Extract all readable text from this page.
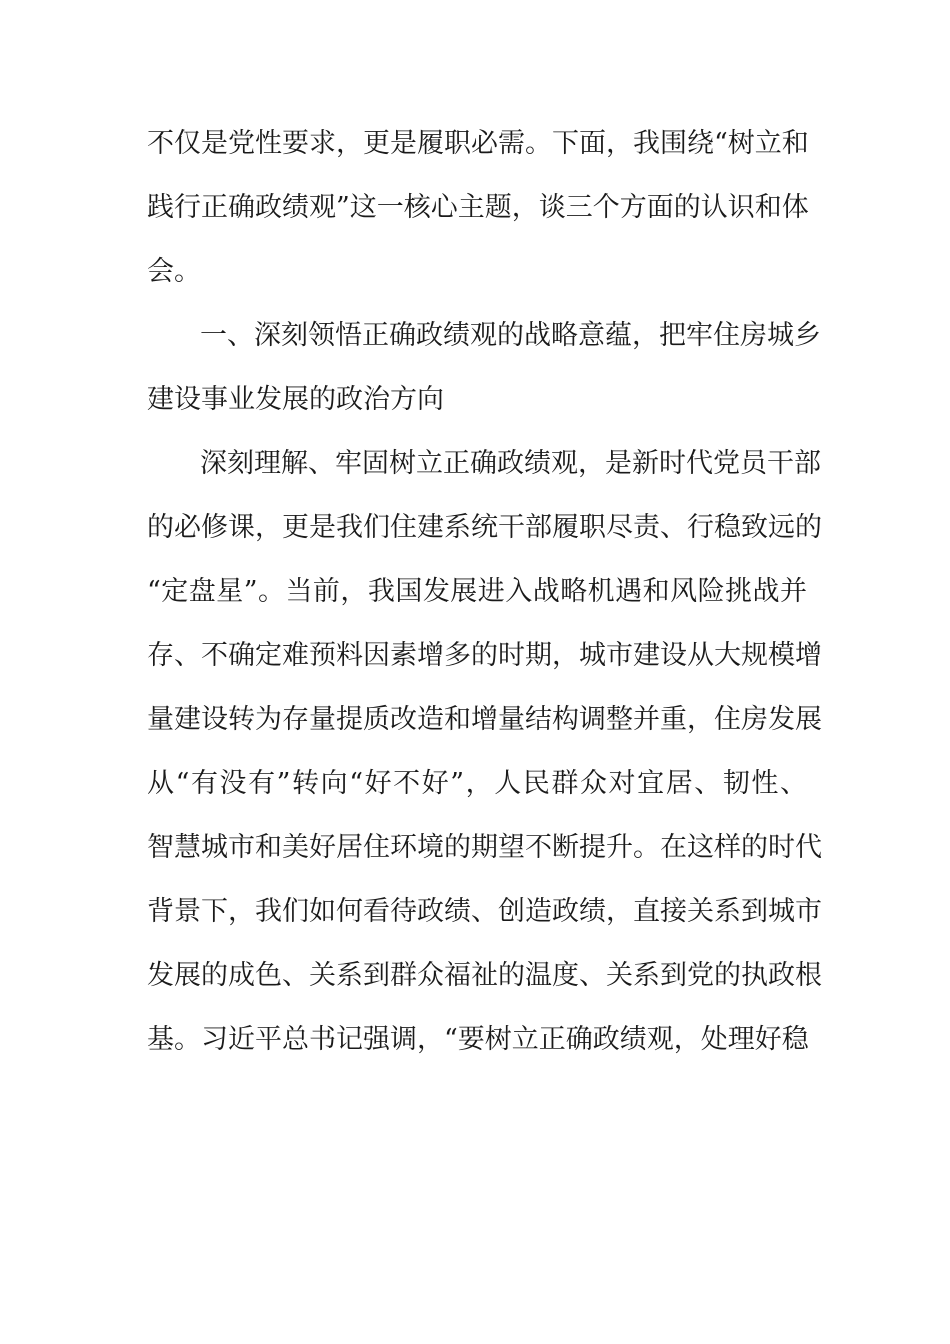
不仅是党性要求，更是履职必需。下面，我围绕“树立和
践行正确政绩观”这一核心主题，谈三个方面的认识和体
会。
一、深刻领悟正确政绩观的战略意蕴，把牢住房城乡
建设事业发展的政治方向
深刻理解、牢固树立正确政绩观，是新时代党员干部
的必修课，更是我们住建系统干部履职尽责、行稳致远的
“定盘星”。当前，我国发展进入战略机遇和风险挑战并
存、不确定难预料因素增多的时期，城市建设从大规模增
量建设转为存量提质改造和增量结构调整并重，住房发展
从“有没有”转向“好不好”，人民群众对宜居、韧性、
智慧城市和美好居住环境的期望不断提升。在这样的时代
背景下，我们如何看待政绩、创造政绩，直接关系到城市
发展的成色、关系到群众福祉的温度、关系到党的执政根
基。习近平总书记强调，“要树立正确政绩观，处理好稳
